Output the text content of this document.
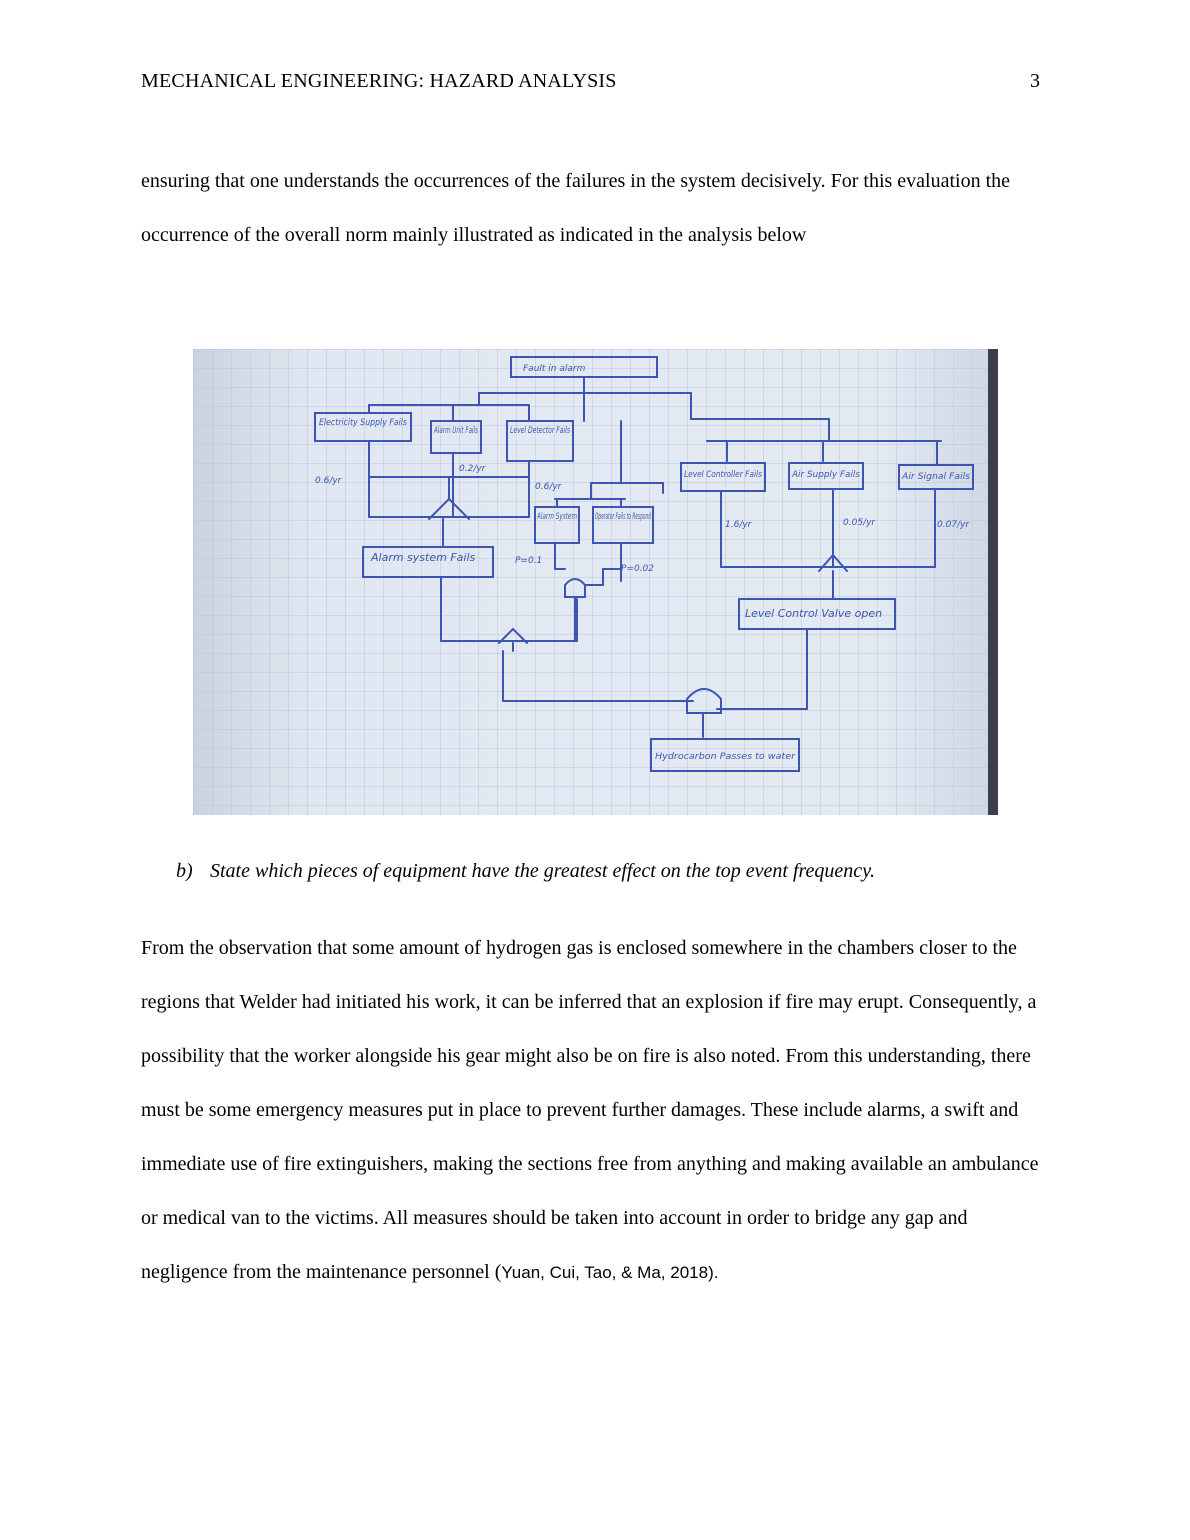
MECHANICAL ENGINEERING: HAZARD ANALYSIS	3

ensuring that one understands the occurrences of the failures in the system decisively. For this evaluation the occurrence of the overall norm mainly illustrated as indicated in the analysis below

Fault in alarm
Electricity Supply Fails
Alarm Unit Fails	Level Detector Fails
Alarm system Fails
Alarm System Operator Fails to Respond
Level Controller Fails	Air Supply Fails	Air Signal Fails
Level Control Valve open
Hydrocarbon Passes to water
0.6/yr
0.2/yr
0.6/yr
P=0.1
P=0.02
1.6/yr	0.05/yr	0.07/yr

b) State which pieces of equipment have the greatest effect on the top event frequency.

From the observation that some amount of hydrogen gas is enclosed somewhere in the chambers closer to the regions that Welder had initiated his work, it can be inferred that an explosion if fire may erupt. Consequently, a possibility that the worker alongside his gear might also be on fire is also noted. From this understanding, there must be some emergency measures put in place to prevent further damages. These include alarms, a swift and immediate use of fire extinguishers, making the sections free from anything and making available an ambulance or medical van to the victims. All measures should be taken into account in order to bridge any gap and negligence from the maintenance personnel (Yuan, Cui, Tao, & Ma, 2018).
